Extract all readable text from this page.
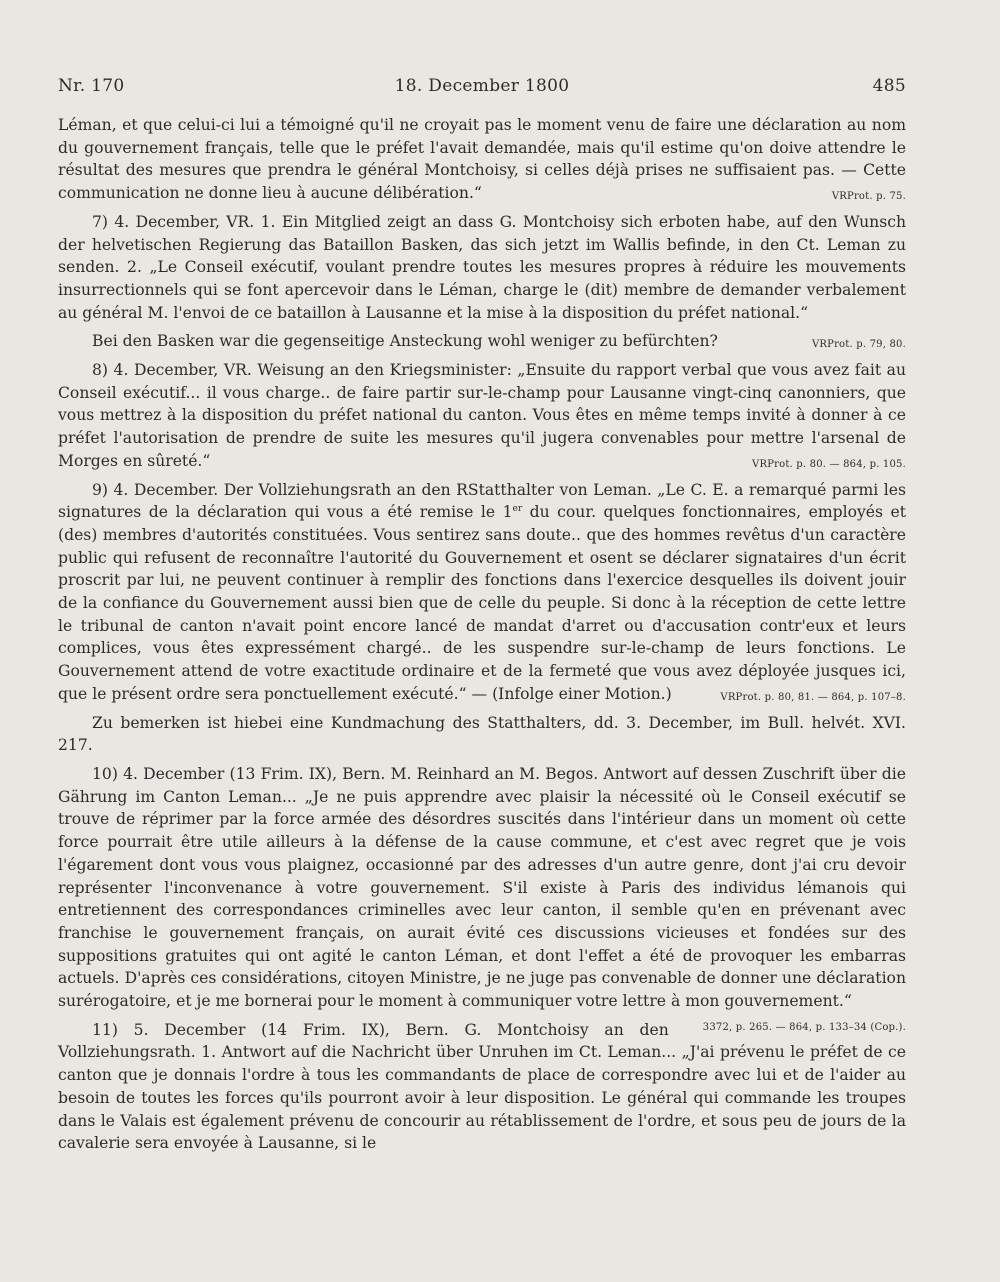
Nr. 170	18. December 1800	485

Léman, et que celui-ci lui a témoigné qu'il ne croyait pas le moment venu de faire une déclaration au nom du gouvernement français, telle que le préfet l'avait demandée, mais qu'il estime qu'on doive attendre le résultat des mesures que prendra le général Montchoisy, si celles déjà prises ne suffisaient pas. — Cette communication ne donne lieu à aucune délibération.“	VRProt. p. 75.

7) 4. December, VR. 1. Ein Mitglied zeigt an dass G. Montchoisy sich erboten habe, auf den Wunsch der helvetischen Regierung das Bataillon Basken, das sich jetzt im Wallis befinde, in den Ct. Leman zu senden. 2. „Le Conseil exécutif, voulant prendre toutes les mesures propres à réduire les mouvements insurrectionnels qui se font apercevoir dans le Léman, charge le (dit) membre de demander verbalement au général M. l'envoi de ce bataillon à Lausanne et la mise à la disposition du préfet national.“

Bei den Basken war die gegenseitige Ansteckung wohl weniger zu befürchten?	VRProt. p. 79, 80.

8) 4. December, VR. Weisung an den Kriegsminister: „Ensuite du rapport verbal que vous avez fait au Conseil exécutif... il vous charge.. de faire partir sur-le-champ pour Lausanne vingt-cinq canonniers, que vous mettrez à la disposition du préfet national du canton. Vous êtes en même temps invité à donner à ce préfet l'autorisation de prendre de suite les mesures qu'il jugera convenables pour mettre l'arsenal de Morges en sûreté.“	VRProt. p. 80. — 864, p. 105.

9) 4. December. Der Vollziehungsrath an den RStatthalter von Leman. „Le C. E. a remarqué parmi les signatures de la déclaration qui vous a été remise le 1er du cour. quelques fonctionnaires, employés et (des) membres d'autorités constituées. Vous sentirez sans doute.. que des hommes revêtus d'un caractère public qui refusent de reconnaître l'autorité du Gouvernement et osent se déclarer signataires d'un écrit proscrit par lui, ne peuvent continuer à remplir des fonctions dans l'exercice desquelles ils doivent jouir de la confiance du Gouvernement aussi bien que de celle du peuple. Si donc à la réception de cette lettre le tribunal de canton n'avait point encore lancé de mandat d'arret ou d'accusation contr'eux et leurs complices, vous êtes expressément chargé.. de les suspendre sur-le-champ de leurs fonctions. Le Gouvernement attend de votre exactitude ordinaire et de la fermeté que vous avez déployée jusques ici, que le présent ordre sera ponctuellement exécuté.“ — (Infolge einer Motion.)	VRProt. p. 80, 81. — 864, p. 107–8.

Zu bemerken ist hiebei eine Kundmachung des Statthalters, dd. 3. December, im Bull. helvét. XVI. 217.

10) 4. December (13 Frim. IX), Bern. M. Reinhard an M. Begos. Antwort auf dessen Zuschrift über die Gährung im Canton Leman... „Je ne puis apprendre avec plaisir la nécessité où le Conseil exécutif se trouve de réprimer par la force armée des désordres suscités dans l'intérieur dans un moment où cette force pourrait être utile ailleurs à la défense de la cause commune, et c'est avec regret que je vois l'égarement dont vous vous plaignez, occasionné par des adresses d'un autre genre, dont j'ai cru devoir représenter l'inconvenance à votre gouvernement. S'il existe à Paris des individus lémanois qui entretiennent des correspondances criminelles avec leur canton, il semble qu'en en prévenant avec franchise le gouvernement français, on aurait évité ces discussions vicieuses et fondées sur des suppositions gratuites qui ont agité le canton Léman, et dont l'effet a été de provoquer les embarras actuels. D'après ces considérations, citoyen Ministre, je ne juge pas convenable de donner une déclaration surérogatoire, et je me bornerai pour le moment à communiquer votre lettre à mon gouvernement.“
3372, p. 265. — 864, p. 133–34 (Cop.).

11) 5. December (14 Frim. IX), Bern. G. Montchoisy an den Vollziehungsrath. 1. Antwort auf die Nachricht über Unruhen im Ct. Leman... „J'ai prévenu le préfet de ce canton que je donnais l'ordre à tous les commandants de place de correspondre avec lui et de l'aider au besoin de toutes les forces qu'ils pourront avoir à leur disposition. Le général qui commande les troupes dans le Valais est également prévenu de concourir au rétablissement de l'ordre, et sous peu de jours de la cavalerie sera envoyée à Lausanne, si le
